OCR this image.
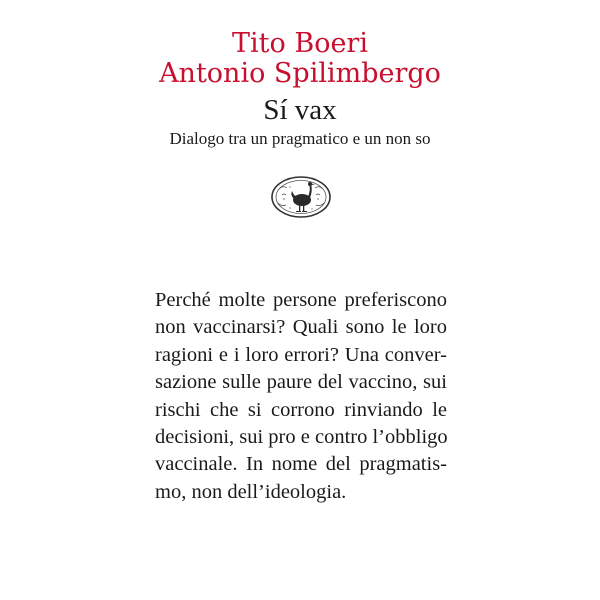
Tito Boeri
Antonio Spilimbergo
Sí vax
Dialogo tra un pragmatico e un non so
Perché molte persone preferiscono
non vaccinarsi? Quali sono le loro
ragioni e i loro errori? Una conver-
sazione sulle paure del vaccino, sui
rischi che si corrono rinviando le
decisioni, sui pro e contro l’obbligo
vaccinale. In nome del pragmatis-
mo, non dell’ideologia.
